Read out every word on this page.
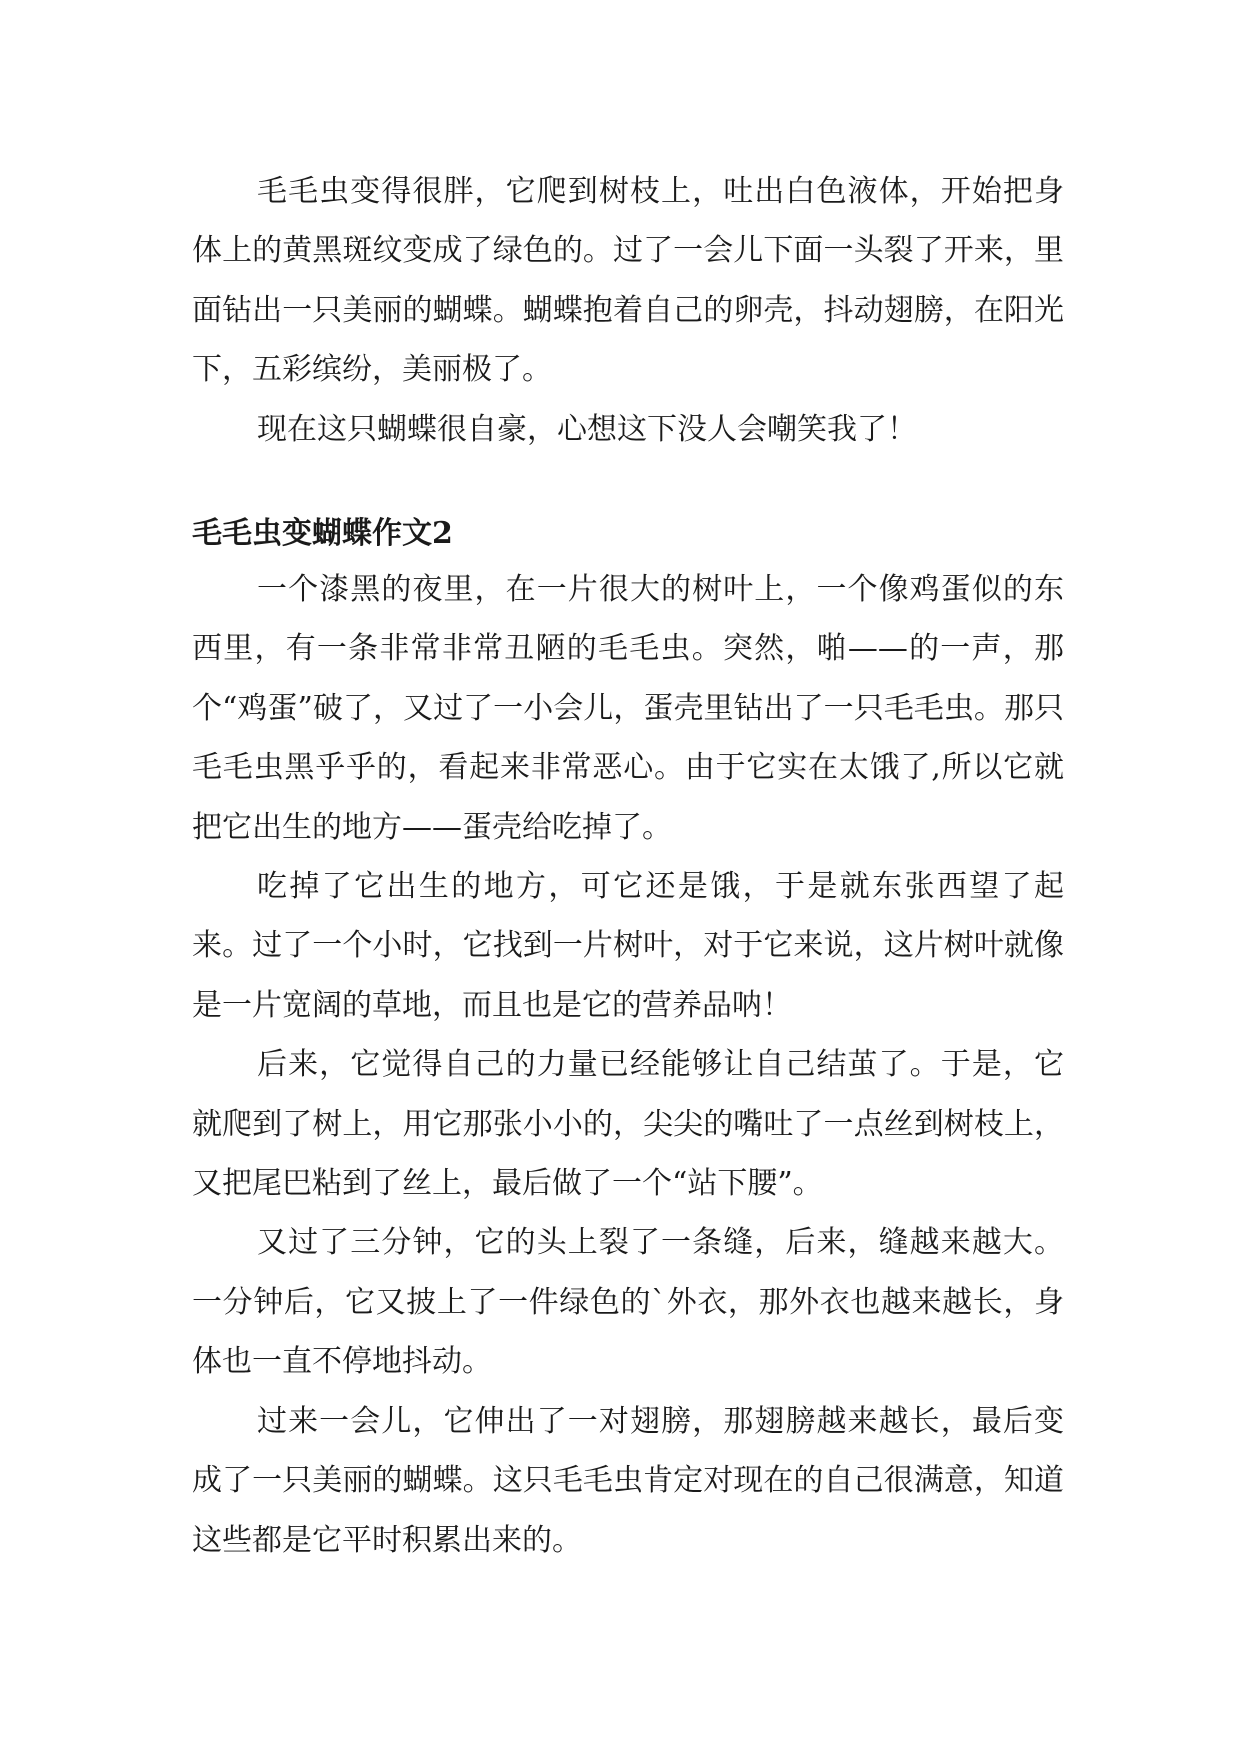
毛毛虫变得很胖，它爬到树枝上，吐出白色液体，开始把身体上的黄黑斑纹变成了绿色的。过了一会儿下面一头裂了开来，里面钻出一只美丽的蝴蝶。蝴蝶抱着自己的卵壳，抖动翅膀，在阳光下，五彩缤纷，美丽极了。

现在这只蝴蝶很自豪，心想这下没人会嘲笑我了！

毛毛虫变蝴蝶作文2

一个漆黑的夜里，在一片很大的树叶上，一个像鸡蛋似的东西里，有一条非常非常丑陋的毛毛虫。突然，啪——的一声，那个“鸡蛋”破了，又过了一小会儿，蛋壳里钻出了一只毛毛虫。那只毛毛虫黑乎乎的，看起来非常恶心。由于它实在太饿了,所以它就把它出生的地方——蛋壳给吃掉了。

吃掉了它出生的地方，可它还是饿，于是就东张西望了起来。过了一个小时，它找到一片树叶，对于它来说，这片树叶就像是一片宽阔的草地，而且也是它的营养品呐！

后来，它觉得自己的力量已经能够让自己结茧了。于是，它就爬到了树上，用它那张小小的，尖尖的嘴吐了一点丝到树枝上，又把尾巴粘到了丝上，最后做了一个“站下腰”。

又过了三分钟，它的头上裂了一条缝，后来，缝越来越大。一分钟后，它又披上了一件绿色的`外衣，那外衣也越来越长，身体也一直不停地抖动。

过来一会儿，它伸出了一对翅膀，那翅膀越来越长，最后变成了一只美丽的蝴蝶。这只毛毛虫肯定对现在的自己很满意，知道这些都是它平时积累出来的。
